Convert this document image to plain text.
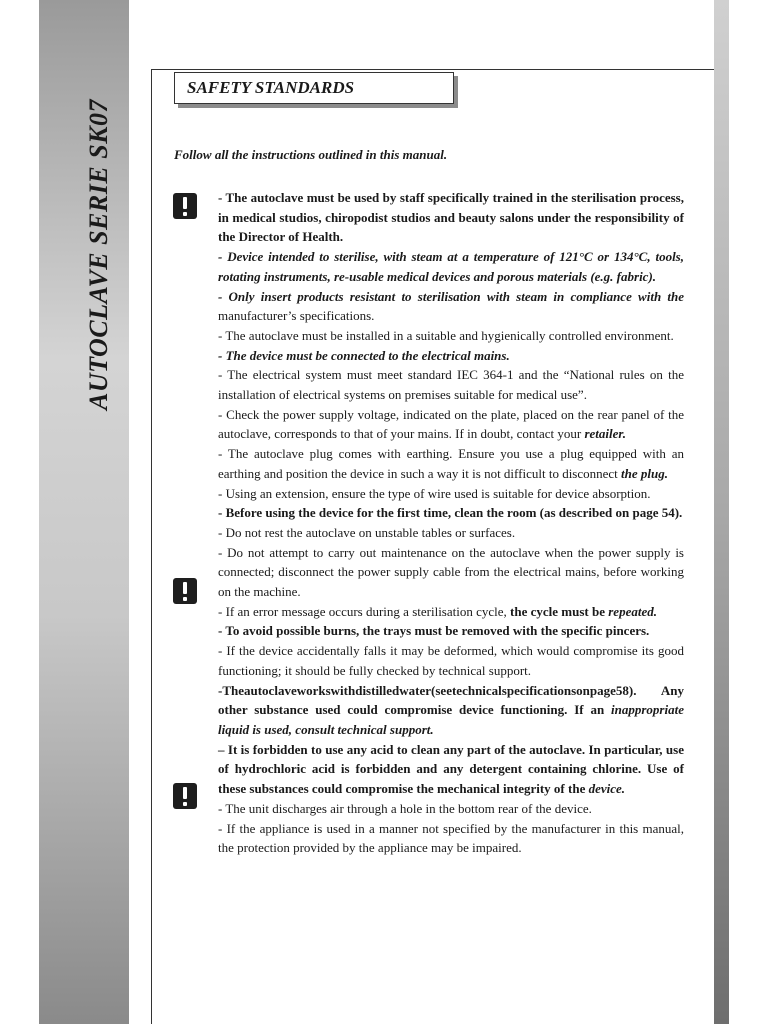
AUTOCLAVE SERIE SK07
SAFETY STANDARDS
Follow all the instructions outlined in this manual.

- The autoclave must be used by staff specifically trained in the sterilisation process, in medical studios, chiropodist studios and beauty salons under the responsibility of the Director of Health.

- Device intended to sterilise, with steam at a temperature of 121°C or 134°C, tools, rotating instruments, re-usable medical devices and porous materials (e.g. fabric).

- Only insert products resistant to sterilisation with steam in compliance with the manufacturer’s specifications.

- The autoclave must be installed in a suitable and hygienically controlled environment.

- The device must be connected to the electrical mains.

- The electrical system must meet standard IEC 364-1 and the “National rules on the installation of electrical systems on premises suitable for medical use”.

- Check the power supply voltage, indicated on the plate, placed on the rear panel of the autoclave, corresponds to that of your mains. If in doubt, contact your retailer.

- The autoclave plug comes with earthing. Ensure you use a plug equipped with an earthing and position the device in such a way it is not difficult to disconnect the plug.

- Using an extension, ensure the type of wire used is suitable for device absorption.

- Before using the device for the first time, clean the room (as described on page 54).

- Do not rest the autoclave on unstable tables or surfaces.

- Do not attempt to carry out maintenance on the autoclave when the power supply is connected; disconnect the power supply cable from the electrical mains, before working on the machine.

- If an error message occurs during a sterilisation cycle, the cycle must be repeated.

- To avoid possible burns, the trays must be removed with the specific pincers.

- If the device accidentally falls it may be deformed, which would compromise its good functioning; it should be fully checked by technical support.

-Theautoclaveworkswithdistilledwater(seetechnicalspecificationsonpage58). Any other substance used could compromise device functioning. If an inappropriate liquid is used, consult technical support.

– It is forbidden to use any acid to clean any part of the autoclave. In particular, use of hydrochloric acid is forbidden and any detergent containing chlorine. Use of these substances could compromise the mechanical integrity of the device.

- The unit discharges air through a hole in the bottom rear of the device.

- If the appliance is used in a manner not specified by the manufacturer in this manual, the protection provided by the appliance may be impaired.
